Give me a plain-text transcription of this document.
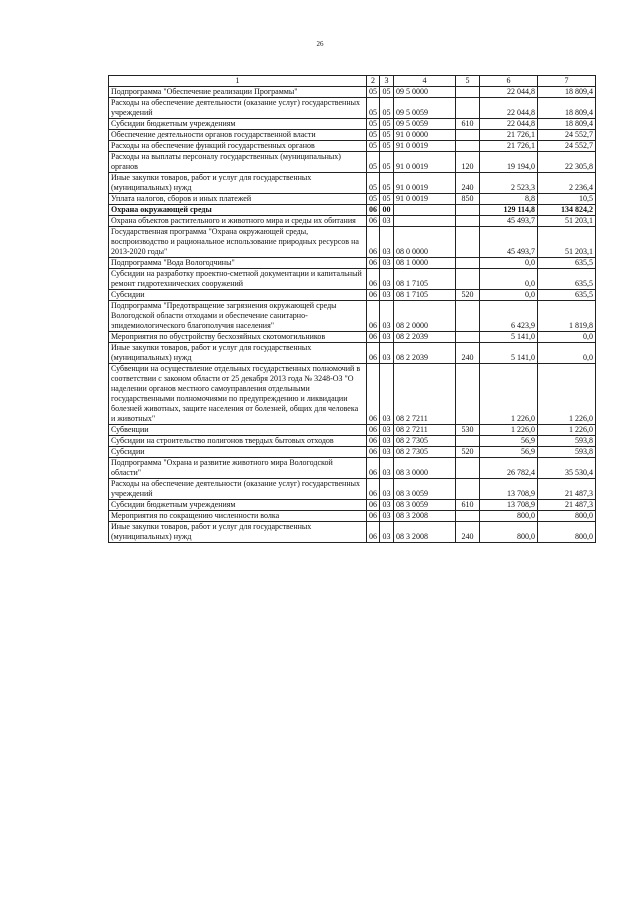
26
1	2	3	4	5	6	7
Подпрограмма "Обеспечение реализации Программы"	05	05	09 5 0000		22 044,8	18 809,4
Расходы на обеспечение деятельности (оказание услуг) государственных учреждений	05	05	09 5 0059		22 044,8	18 809,4
Субсидии бюджетным учреждениям	05	05	09 5 0059	610	22 044,8	18 809,4
Обеспечение деятельности органов государственной власти	05	05	91 0 0000		21 726,1	24 552,7
Расходы на обеспечение функций государственных органов	05	05	91 0 0019		21 726,1	24 552,7
Расходы на выплаты персоналу государственных (муниципальных) органов	05	05	91 0 0019	120	19 194,0	22 305,8
Иные закупки товаров, работ и услуг для государственных (муниципальных) нужд	05	05	91 0 0019	240	2 523,3	2 236,4
Уплата налогов, сборов и иных платежей	05	05	91 0 0019	850	8,8	10,5
Охрана окружающей среды	06	00			129 114,8	134 824,2
Охрана объектов растительного и животного мира и среды их обитания	06	03			45 493,7	51 203,1
Государственная программа "Охрана окружающей среды, воспроизводство и рациональное использование природных ресурсов на 2013-2020 годы"	06	03	08 0 0000		45 493,7	51 203,1
Подпрограмма "Вода Вологодчины"	06	03	08 1 0000		0,0	635,5
Субсидии на разработку проектно-сметной документации и капитальный ремонт гидротехнических сооружений	06	03	08 1 7105		0,0	635,5
Субсидии	06	03	08 1 7105	520	0,0	635,5
Подпрограмма "Предотвращение загрязнения окружающей среды Вологодской области отходами и обеспечение санитарно-эпидемиологического благополучия населения"	06	03	08 2 0000		6 423,9	1 819,8
Мероприятия по обустройству бесхозяйных скотомогильников	06	03	08 2 2039		5 141,0	0,0
Иные закупки товаров, работ и услуг для государственных (муниципальных) нужд	06	03	08 2 2039	240	5 141,0	0,0
Субвенции на осуществление отдельных государственных полномочий в соответствии с законом области от 25 декабря 2013 года № 3248-ОЗ "О наделении органов местного самоуправления отдельными государственными полномочиями по предупреждению и ликвидации болезней животных, защите населения от болезней, общих для человека и животных"	06	03	08 2 7211		1 226,0	1 226,0
Субвенции	06	03	08 2 7211	530	1 226,0	1 226,0
Субсидии на строительство полигонов твердых бытовых отходов	06	03	08 2 7305		56,9	593,8
Субсидии	06	03	08 2 7305	520	56,9	593,8
Подпрограмма "Охрана и развитие животного мира Вологодской области"	06	03	08 3 0000		26 782,4	35 530,4
Расходы на обеспечение деятельности (оказание услуг) государственных учреждений	06	03	08 3 0059		13 708,9	21 487,3
Субсидии бюджетным учреждениям	06	03	08 3 0059	610	13 708,9	21 487,3
Мероприятия по сокращению численности волка	06	03	08 3 2008		800,0	800,0
Иные закупки товаров, работ и услуг для государственных (муниципальных) нужд	06	03	08 3 2008	240	800,0	800,0
